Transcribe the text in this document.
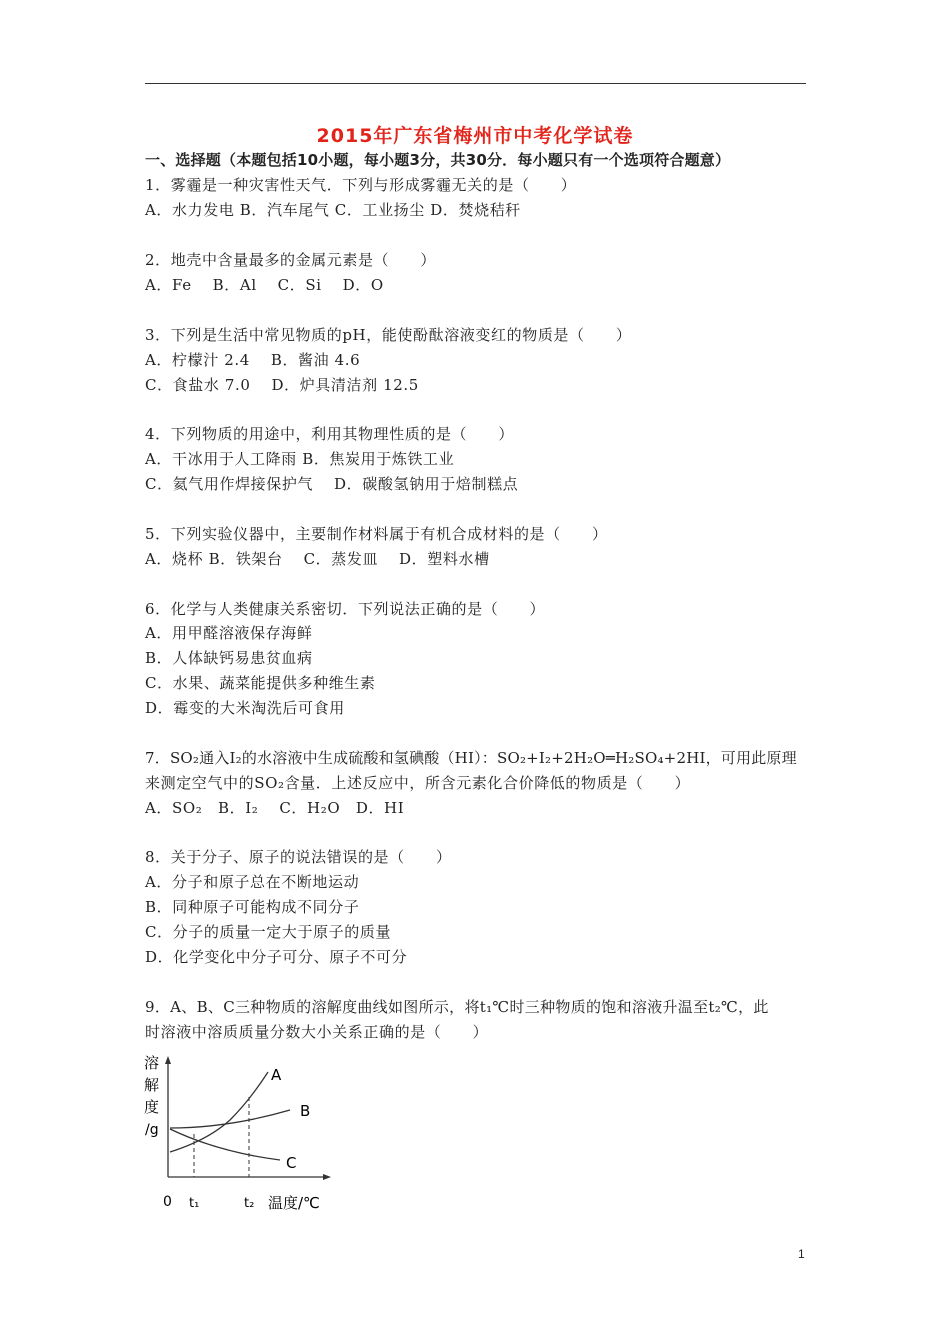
2015年广东省梅州市中考化学试卷
一、选择题（本题包括10小题，每小题3分，共30分．每小题只有一个选项符合题意）
1．雾霾是一种灾害性天气．下列与形成雾霾无关的是（　　）
A．水力发电 B．汽车尾气 C．工业扬尘 D．焚烧秸秆
2．地壳中含量最多的金属元素是（　　）
A．Fe　 B．Al　 C．Si　 D．O
3．下列是生活中常见物质的pH，能使酚酞溶液变红的物质是（　　）
A．柠檬汁 2.4　 B．酱油 4.6
C．食盐水 7.0　 D．炉具清洁剂 12.5
4．下列物质的用途中，利用其物理性质的是（　　）
A．干冰用于人工降雨 B．焦炭用于炼铁工业
C．氦气用作焊接保护气　 D．碳酸氢钠用于焙制糕点
5．下列实验仪器中，主要制作材料属于有机合成材料的是（　　）
A．烧杯 B．铁架台　 C．蒸发皿　 D．塑料水槽
6．化学与人类健康关系密切．下列说法正确的是（　　）
A．用甲醛溶液保存海鲜
B．人体缺钙易患贫血病
C．水果、蔬菜能提供多种维生素
D．霉变的大米淘洗后可食用
7．SO₂通入I₂的水溶液中生成硫酸和氢碘酸（HI）：SO₂+I₂+2H₂O═H₂SO₄+2HI，可用此原理
来测定空气中的SO₂含量．上述反应中，所含元素化合价降低的物质是（　　）
A．SO₂　B．I₂　 C．H₂O　D．HI
8．关于分子、原子的说法错误的是（　　）
A．分子和原子总在不断地运动
B．同种原子可能构成不同分子
C．分子的质量一定大于原子的质量
D．化学变化中分子可分、原子不可分
9．A、B、C三种物质的溶解度曲线如图所示，将t₁℃时三种物质的饱和溶液升温至t₂℃，此
时溶液中溶质质量分数大小关系正确的是（　　）
溶
解
度
/g
A
B
C
0 t₁	t₂ 温度/℃
1
